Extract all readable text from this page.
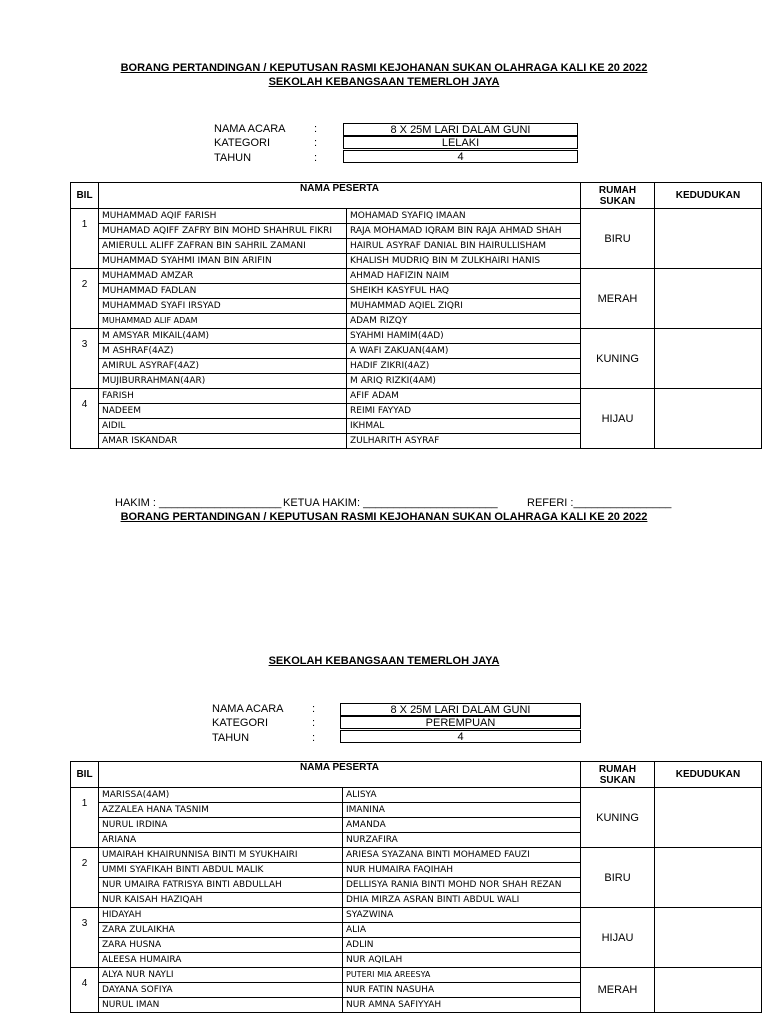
BORANG PERTANDINGAN / KEPUTUSAN RASMI KEJOHANAN SUKAN OLAHRAGA KALI KE 20 2022
SEKOLAH KEBANGSAAN TEMERLOH JAYA
NAMA ACARA	:	8 X 25M LARI DALAM GUNI
KATEGORI	:	LELAKI
TAHUN	:	4
BIL	NAMA PESERTA		RUMAH
SUKAN	KEDUDUKAN
1	MUHAMMAD AQIF FARISH	MOHAMAD SYAFIQ IMAAN	BIRU	
	MUHAMAD AQIFF ZAFRY BIN MOHD SHAHRUL FIKRI	RAJA MOHAMAD IQRAM BIN RAJA AHMAD SHAH		
	AMIERULL ALIFF ZAFRAN BIN SAHRIL ZAMANI	HAIRUL ASYRAF DANIAL BIN HAIRULLISHAM		
	MUHAMMAD SYAHMI IMAN BIN ARIFIN	KHALISH MUDRIQ BIN M ZULKHAIRI HANIS		
2	MUHAMMAD AMZAR	AHMAD HAFIZIN NAIM	MERAH	
	MUHAMMAD FADLAN	SHEIKH KASYFUL HAQ		
	MUHAMMAD SYAFI IRSYAD	MUHAMMAD AQIEL ZIQRI		
	MUHAMMAD ALIF ADAM	ADAM RIZQY		
3	M AMSYAR MIKAIL(4AM)	SYAHMI HAMIM(4AD)	KUNING	
	M ASHRAF(4AZ)	A WAFI ZAKUAN(4AM)		
	AMIRUL ASYRAF(4AZ)	HADIF ZIKRI(4AZ)		
	MUJIBURRAHMAN(4AR)	M ARIQ RIZKI(4AM)		
4	FARISH	AFIF ADAM	HIJAU	
	NADEEM	REIMI FAYYAD		
	AIDIL	IKHMAL		
	AMAR ISKANDAR	ZULHARITH ASYRAF		
HAKIM : ____________________ KETUA HAKIM: ______________________	REFERI :________________
BORANG PERTANDINGAN / KEPUTUSAN RASMI KEJOHANAN SUKAN OLAHRAGA KALI KE 20 2022
SEKOLAH KEBANGSAAN TEMERLOH JAYA
NAMA ACARA	:	8 X 25M LARI DALAM GUNI
KATEGORI	:	PEREMPUAN
TAHUN	:	4
BIL	NAMA PESERTA		RUMAH
SUKAN	KEDUDUKAN
1	MARISSA(4AM)	ALISYA	KUNING	
	AZZALEA HANA TASNIM	IMANINA		
	NURUL IRDINA	AMANDA		
	ARIANA	NURZAFIRA		
2	UMAIRAH KHAIRUNNISA BINTI M SYUKHAIRI	ARIESA SYAZANA BINTI MOHAMED FAUZI	BIRU	
	UMMI SYAFIKAH BINTI ABDUL MALIK	NUR HUMAIRA FAQIHAH		
	NUR UMAIRA FATRISYA BINTI ABDULLAH	DELLISYA RANIA BINTI MOHD NOR SHAH REZAN		
	NUR KAISAH HAZIQAH	DHIA MIRZA ASRAN BINTI ABDUL WALI		
3	HIDAYAH	SYAZWINA	HIJAU	
	ZARA ZULAIKHA	ALIA		
	ZARA HUSNA	ADLIN		
	ALEESA HUMAIRA	NUR AQILAH		
4	ALYA NUR NAYLI	PUTERI MIA AREESYA	MERAH	
	DAYANA SOFIYA	NUR FATIN NASUHA		
	NURUL IMAN	NUR AMNA SAFIYYAH		
